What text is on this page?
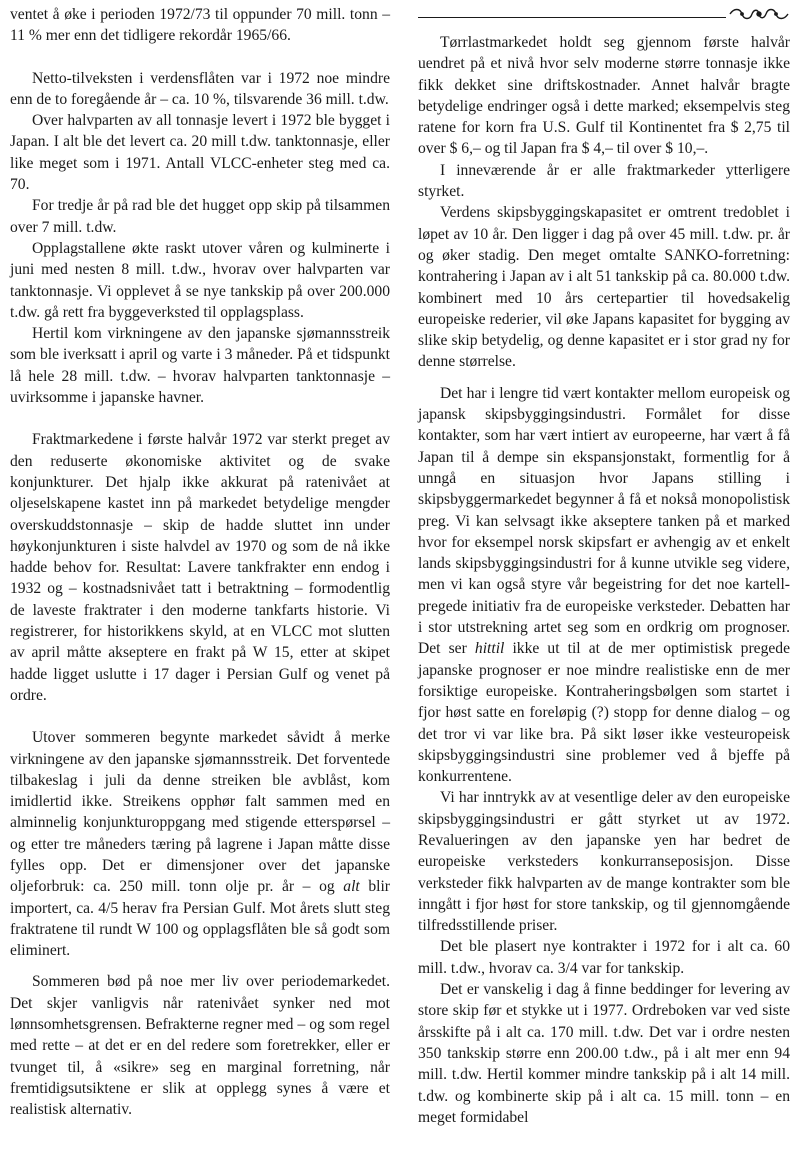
ventet å øke i perioden 1972/73 til oppunder 70 mill. tonn – 11 % mer enn det tidligere rekordår 1965/66.

Netto-tilveksten i verdensflåten var i 1972 noe mindre enn de to foregående år – ca. 10 %, tilsvarende 36 mill. t.dw.

Over halvparten av all tonnasje levert i 1972 ble bygget i Japan. I alt ble det levert ca. 20 mill t.dw. tanktonnasje, eller like meget som i 1971. Antall VLCC-enheter steg med ca. 70.

For tredje år på rad ble det hugget opp skip på tilsammen over 7 mill. t.dw.

Opplagstallene økte raskt utover våren og kulminerte i juni med nesten 8 mill. t.dw., hvorav over halvparten var tanktonnasje. Vi opplevet å se nye tankskip på over 200.000 t.dw. gå rett fra byggeverksted til opplagsplass.

Hertil kom virkningene av den japanske sjømannsstreik som ble iverksatt i april og varte i 3 måneder. På et tidspunkt lå hele 28 mill. t.dw. – hvorav halvparten tanktonnasje – uvirksomme i japanske havner.

Fraktmarkedene i første halvår 1972 var sterkt preget av den reduserte økonomiske aktivitet og de svake konjunkturer. Det hjalp ikke akkurat på ratenivået at oljeselskapene kastet inn på markedet betydelige mengder overskuddstonnasje – skip de hadde sluttet inn under høykonjunkturen i siste halvdel av 1970 og som de nå ikke hadde behov for. Resultat: Lavere tankfrakter enn endog i 1932 og – kostnadsnivået tatt i betraktning – formodentlig de laveste fraktrater i den moderne tankfarts historie. Vi registrerer, for historikkens skyld, at en VLCC mot slutten av april måtte akseptere en frakt på W 15, etter at skipet hadde ligget uslutte i 17 dager i Persian Gulf og venet på ordre.

Utover sommeren begynte markedet såvidt å merke virkningene av den japanske sjømannsstreik. Det forventede tilbakeslag i juli da denne streiken ble avblåst, kom imidlertid ikke. Streikens opphør falt sammen med en alminnelig konjunkturoppgang med stigende etterspørsel – og etter tre måneders tæring på lagrene i Japan måtte disse fylles opp. Det er dimensjoner over det japanske oljeforbruk: ca. 250 mill. tonn olje pr. år – og alt blir importert, ca. 4/5 herav fra Persian Gulf. Mot årets slutt steg fraktratene til rundt W 100 og opplagsflåten ble så godt som eliminert.

Sommeren bød på noe mer liv over periodemarkedet. Det skjer vanligvis når ratenivået synker ned mot lønnsomhetsgrensen. Befrakterne regner med – og som regel med rette – at det er en del redere som foretrekker, eller er tvunget til, å «sikre» seg en marginal forretning, når fremtidigsutsiktene er slik at opplegg synes å være et realistisk alternativ.

Tørrlastmarkedet holdt seg gjennom første halvår uendret på et nivå hvor selv moderne større tonnasje ikke fikk dekket sine driftskostnader. Annet halvår bragte betydelige endringer også i dette marked; eksempelvis steg ratene for korn fra U.S. Gulf til Kontinentet fra $ 2,75 til over $ 6,– og til Japan fra $ 4,– til over $ 10,–.

I inneværende år er alle fraktmarkeder ytterligere styrket.

Verdens skipsbyggingskapasitet er omtrent tredoblet i løpet av 10 år. Den ligger i dag på over 45 mill. t.dw. pr. år og øker stadig. Den meget omtalte SANKO-forretning: kontrahering i Japan av i alt 51 tankskip på ca. 80.000 t.dw. kombinert med 10 års certepartier til hovedsakelig europeiske rederier, vil øke Japans kapasitet for bygging av slike skip betydelig, og denne kapasitet er i stor grad ny for denne størrelse.

Det har i lengre tid vært kontakter mellom europeisk og japansk skipsbyggingsindustri. Formålet for disse kontakter, som har vært intiert av europeerne, har vært å få Japan til å dempe sin ekspansjonstakt, formentlig for å unngå en situasjon hvor Japans stilling i skipsbyggermarkedet begynner å få et nokså monopolistisk preg. Vi kan selvsagt ikke akseptere tanken på et marked hvor for eksempel norsk skipsfart er avhengig av et enkelt lands skipsbyggingsindustri for å kunne utvikle seg videre, men vi kan også styre vår begeistring for det noe kartell-pregede initiativ fra de europeiske verksteder. Debatten har i stor utstrekning artet seg som en ordkrig om prognoser. Det ser hittil ikke ut til at de mer optimistisk pregede japanske prognoser er noe mindre realistiske enn de mer forsiktige europeiske. Kontraheringsbølgen som startet i fjor høst satte en foreløpig (?) stopp for denne dialog – og det tror vi var like bra. På sikt løser ikke vesteuropeisk skipsbyggingsindustri sine problemer ved å bjeffe på konkurrentene.

Vi har inntrykk av at vesentlige deler av den europeiske skipsbyggingsindustri er gått styrket ut av 1972. Revalueringen av den japanske yen har bedret de europeiske verksteders konkurranseposisjon. Disse verksteder fikk halvparten av de mange kontrakter som ble inngått i fjor høst for store tankskip, og til gjennomgående tilfredsstillende priser.

Det ble plasert nye kontrakter i 1972 for i alt ca. 60 mill. t.dw., hvorav ca. 3/4 var for tankskip.

Det er vanskelig i dag å finne beddinger for levering av store skip før et stykke ut i 1977. Ordreboken var ved siste årsskifte på i alt ca. 170 mill. t.dw. Det var i ordre nesten 350 tankskip større enn 200.00 t.dw., på i alt mer enn 94 mill. t.dw. Hertil kommer mindre tankskip på i alt 14 mill. t.dw. og kombinerte skip på i alt ca. 15 mill. tonn – en meget formidabel
